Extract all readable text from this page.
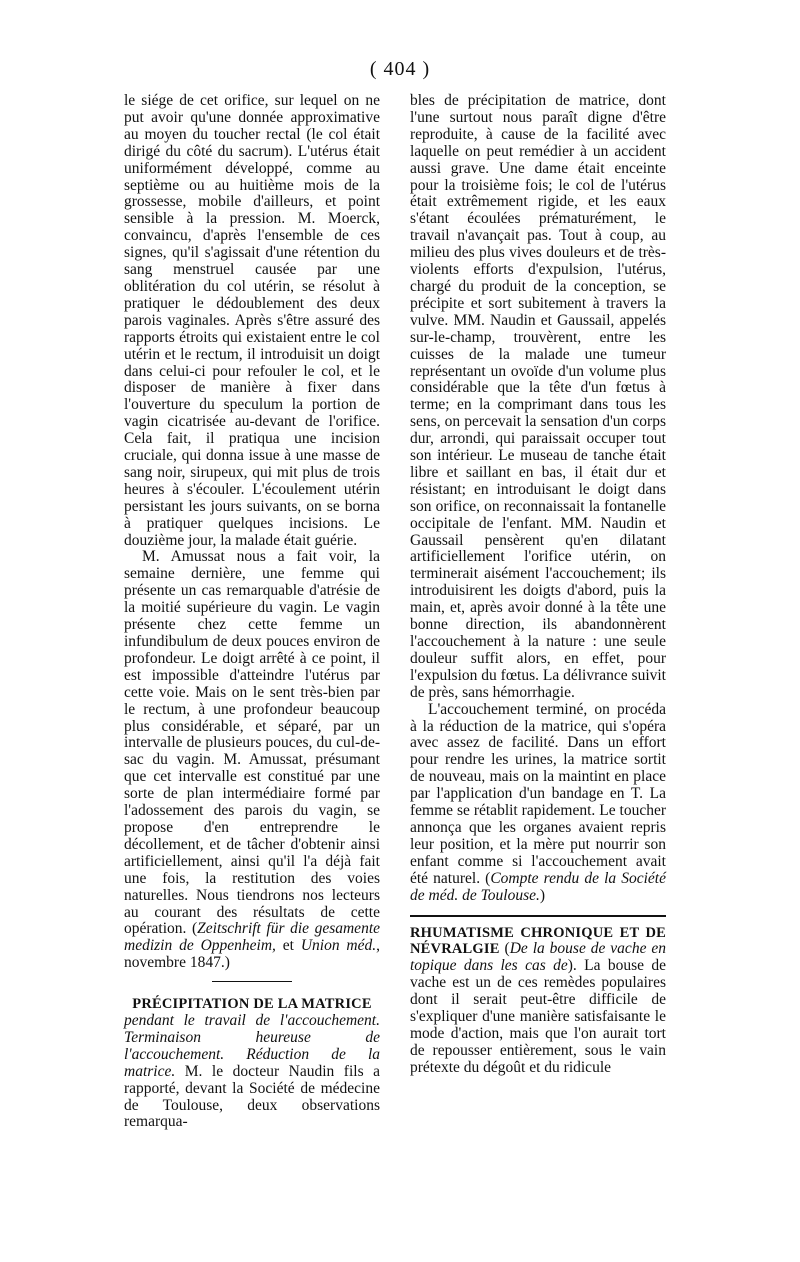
( 404 )

le siége de cet orifice, sur lequel on ne put avoir qu'une donnée approximative au moyen du toucher rectal (le col était dirigé du côté du sacrum). L'utérus était uniformément développé, comme au septième ou au huitième mois de la grossesse, mobile d'ailleurs, et point sensible à la pression. M. Moerck, convaincu, d'après l'ensemble de ces signes, qu'il s'agissait d'une rétention du sang menstruel causée par une oblitération du col utérin, se résolut à pratiquer le dédoublement des deux parois vaginales. Après s'être assuré des rapports étroits qui existaient entre le col utérin et le rectum, il introduisit un doigt dans celui-ci pour refouler le col, et le disposer de manière à fixer dans l'ouverture du speculum la portion de vagin cicatrisée au-devant de l'orifice. Cela fait, il pratiqua une incision cruciale, qui donna issue à une masse de sang noir, sirupeux, qui mit plus de trois heures à s'écouler. L'écoulement utérin persistant les jours suivants, on se borna à pratiquer quelques incisions. Le douzième jour, la malade était guérie.

M. Amussat nous a fait voir, la semaine dernière, une femme qui présente un cas remarquable d'atrésie de la moitié supérieure du vagin. Le vagin présente chez cette femme un infundibulum de deux pouces environ de profondeur. Le doigt arrêté à ce point, il est impossible d'atteindre l'utérus par cette voie. Mais on le sent très-bien par le rectum, à une profondeur beaucoup plus considérable, et séparé, par un intervalle de plusieurs pouces, du cul-de-sac du vagin. M. Amussat, présumant que cet intervalle est constitué par une sorte de plan intermédiaire formé par l'adossement des parois du vagin, se propose d'en entreprendre le décollement, et de tâcher d'obtenir ainsi artificiellement, ainsi qu'il l'a déjà fait une fois, la restitution des voies naturelles. Nous tiendrons nos lecteurs au courant des résultats de cette opération. (Zeitschrift für die gesamente medizin de Oppenheim, et Union méd., novembre 1847.)

PRÉCIPITATION DE LA MATRICE

pendant le travail de l'accouchement. Terminaison heureuse de l'accouchement. Réduction de la matrice. M. le docteur Naudin fils a rapporté, devant la Société de médecine de Toulouse, deux observations remarqua-

bles de précipitation de matrice, dont l'une surtout nous paraît digne d'être reproduite, à cause de la facilité avec laquelle on peut remédier à un accident aussi grave. Une dame était enceinte pour la troisième fois; le col de l'utérus était extrêmement rigide, et les eaux s'étant écoulées prématurément, le travail n'avançait pas. Tout à coup, au milieu des plus vives douleurs et de très-violents efforts d'expulsion, l'utérus, chargé du produit de la conception, se précipite et sort subitement à travers la vulve. MM. Naudin et Gaussail, appelés sur-le-champ, trouvèrent, entre les cuisses de la malade une tumeur représentant un ovoïde d'un volume plus considérable que la tête d'un fœtus à terme; en la comprimant dans tous les sens, on percevait la sensation d'un corps dur, arrondi, qui paraissait occuper tout son intérieur. Le museau de tanche était libre et saillant en bas, il était dur et résistant; en introduisant le doigt dans son orifice, on reconnaissait la fontanelle occipitale de l'enfant. MM. Naudin et Gaussail pensèrent qu'en dilatant artificiellement l'orifice utérin, on terminerait aisément l'accouchement; ils introduisirent les doigts d'abord, puis la main, et, après avoir donné à la tête une bonne direction, ils abandonnèrent l'accouchement à la nature : une seule douleur suffit alors, en effet, pour l'expulsion du fœtus. La délivrance suivit de près, sans hémorrhagie.

L'accouchement terminé, on procéda à la réduction de la matrice, qui s'opéra avec assez de facilité. Dans un effort pour rendre les urines, la matrice sortit de nouveau, mais on la maintint en place par l'application d'un bandage en T. La femme se rétablit rapidement. Le toucher annonça que les organes avaient repris leur position, et la mère put nourrir son enfant comme si l'accouchement avait été naturel. (Compte rendu de la Société de méd. de Toulouse.)

RHUMATISME CHRONIQUE ET DE NÉVRALGIE (De la bouse de vache en topique dans les cas de). La bouse de vache est un de ces remèdes populaires dont il serait peut-être difficile de s'expliquer d'une manière satisfaisante le mode d'action, mais que l'on aurait tort de repousser entièrement, sous le vain prétexte du dégoût et du ridicule
